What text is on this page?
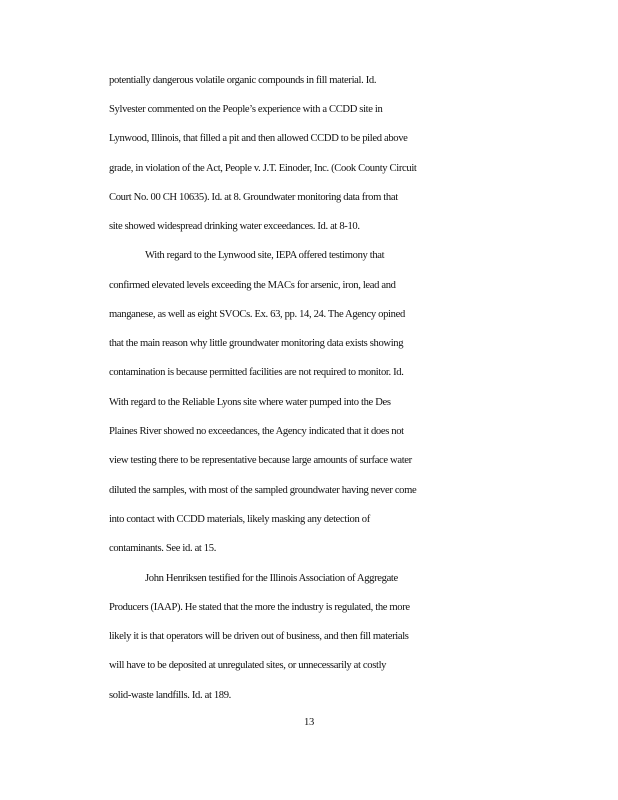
potentially dangerous volatile organic compounds in fill material. Id.
Sylvester commented on the People’s experience with a CCDD site in
Lynwood, Illinois, that filled a pit and then allowed CCDD to be piled above
grade, in violation of the Act, People v. J.T. Einoder, Inc. (Cook County Circuit
Court No. 00 CH 10635). Id. at 8. Groundwater monitoring data from that
site showed widespread drinking water exceedances. Id. at 8-10.
With regard to the Lynwood site, IEPA offered testimony that
confirmed elevated levels exceeding the MACs for arsenic, iron, lead and
manganese, as well as eight SVOCs. Ex. 63, pp. 14, 24. The Agency opined
that the main reason why little groundwater monitoring data exists showing
contamination is because permitted facilities are not required to monitor. Id.
With regard to the Reliable Lyons site where water pumped into the Des
Plaines River showed no exceedances, the Agency indicated that it does not
view testing there to be representative because large amounts of surface water
diluted the samples, with most of the sampled groundwater having never come
into contact with CCDD materials, likely masking any detection of
contaminants. See id. at 15.
John Henriksen testified for the Illinois Association of Aggregate
Producers (IAAP). He stated that the more the industry is regulated, the more
likely it is that operators will be driven out of business, and then fill materials
will have to be deposited at unregulated sites, or unnecessarily at costly
solid-waste landfills. Id. at 189.
13
